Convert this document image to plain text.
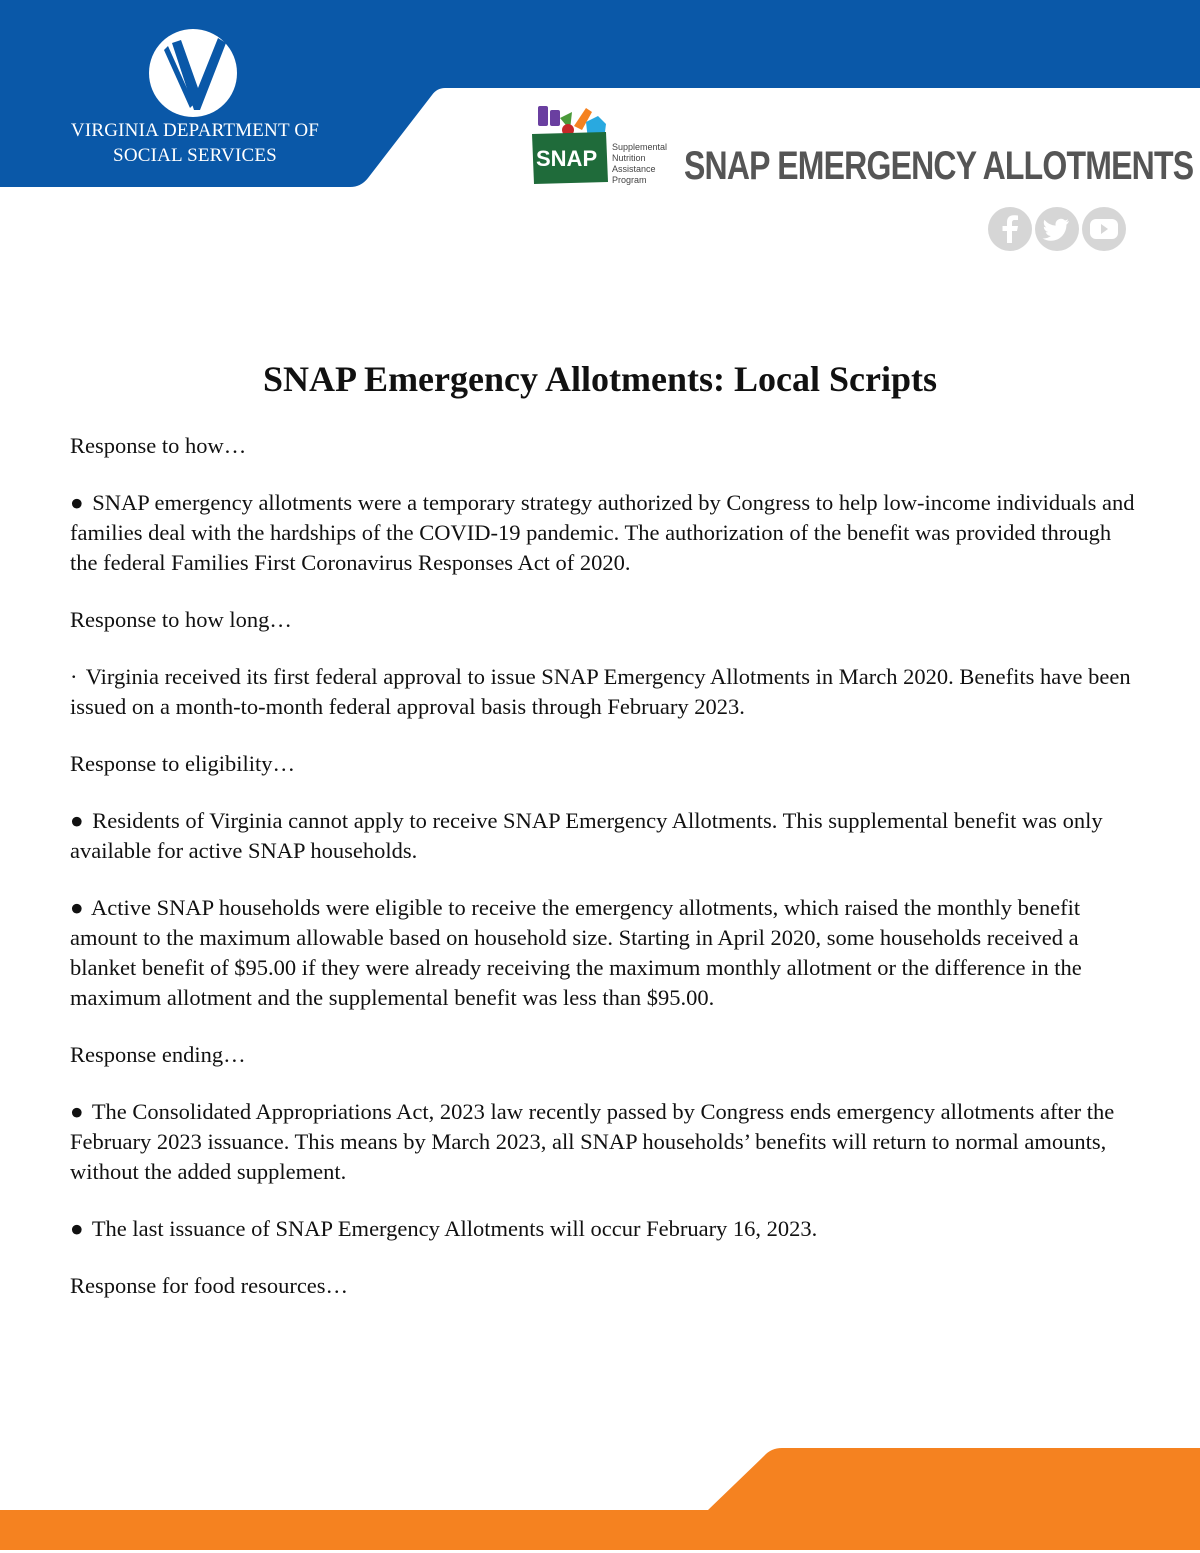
VIRGINIA DEPARTMENT OF
SOCIAL SERVICES	SNAP Supplemental
Nutrition
Assistance
Program SNAP EMERGENCY ALLOTMENTS
SNAP Emergency Allotments: Local Scripts

Response to how…

● SNAP emergency allotments were a temporary strategy authorized by Congress to help low-income individuals and families deal with the hardships of the COVID-19 pandemic. The authorization of the benefit was provided through the federal Families First Coronavirus Responses Act of 2020.

Response to how long…

· Virginia received its first federal approval to issue SNAP Emergency Allotments in March 2020. Benefits have been issued on a month-to-month federal approval basis through February 2023.

Response to eligibility…

● Residents of Virginia cannot apply to receive SNAP Emergency Allotments. This supplemental benefit was only available for active SNAP households.

● Active SNAP households were eligible to receive the emergency allotments, which raised the monthly benefit amount to the maximum allowable based on household size. Starting in April 2020, some households received a blanket benefit of $95.00 if they were already receiving the maximum monthly allotment or the difference in the maximum allotment and the supplemental benefit was less than $95.00.

Response ending…

● The Consolidated Appropriations Act, 2023 law recently passed by Congress ends emergency allotments after the February 2023 issuance. This means by March 2023, all SNAP households’ benefits will return to normal amounts, without the added supplement.

● The last issuance of SNAP Emergency Allotments will occur February 16, 2023.

Response for food resources…
